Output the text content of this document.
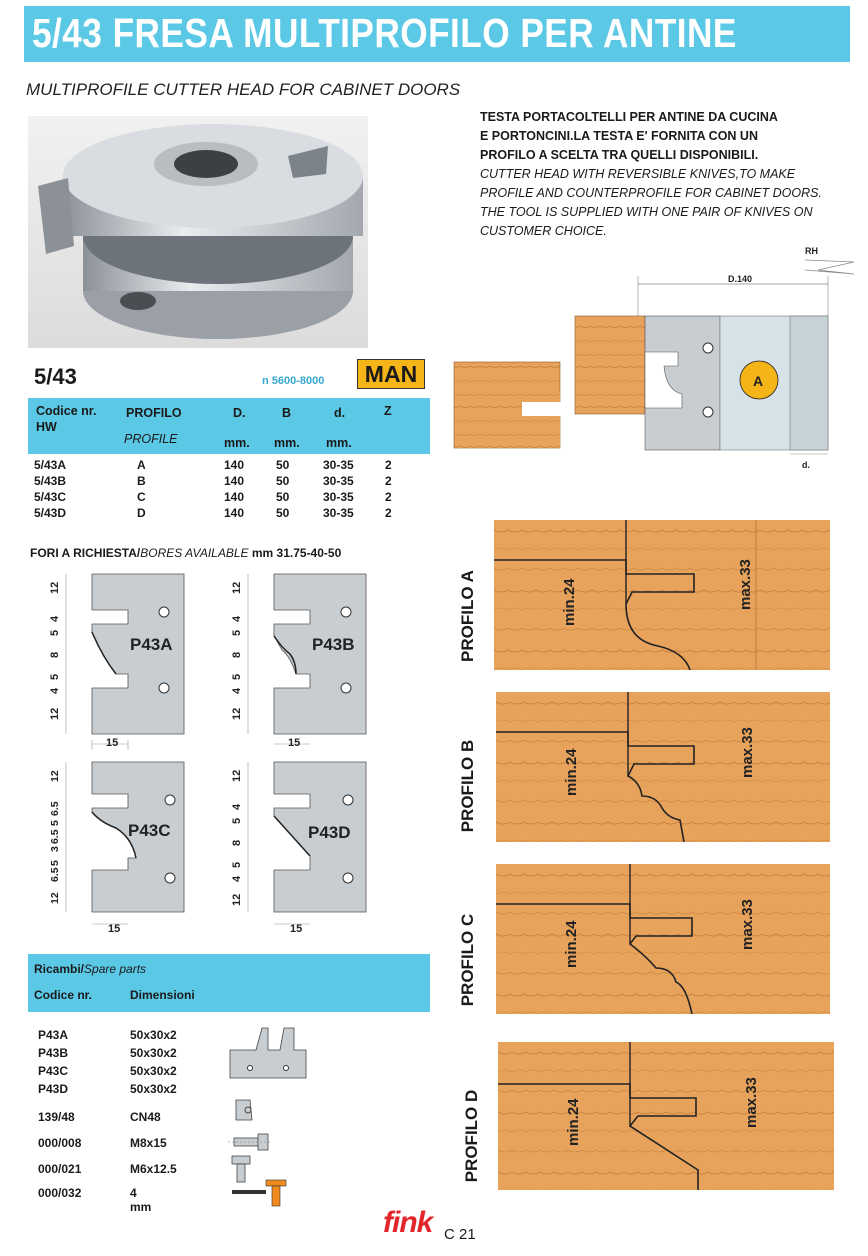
5/43 FRESA MULTIPROFILO PER ANTINE
MULTIPROFILE CUTTER HEAD FOR CABINET DOORS
TESTA PORTACOLTELLI PER ANTINE DA CUCINA
E PORTONCINI.LA TESTA E' FORNITA CON UN
PROFILO A SCELTA TRA QUELLI DISPONIBILI.
CUTTER HEAD WITH REVERSIBLE KNIVES,TO MAKE
PROFILE AND COUNTERPROFILE FOR CABINET DOORS.
THE TOOL IS SUPPLIED WITH ONE PAIR OF KNIVES ON
CUSTOMER CHOICE.
5/43	n 5600-8000	MAN
Codice nr.
HW
PROFILO
PROFILE
D.	B	d.	Z
mm. mm. mm.
5/43A	A	140	50	30-35	2
5/43B	B	140	50	30-35	2
5/43C	C	140	50	30-35	2
5/43D	D	140	50	30-35	2
FORI A RICHIESTA/BORES AVAILABLE mm 31.75-40-50
P43A
15
12
4
5
8
5
4
12
P43B
15
12
4
5
8
5
4
12
P43C
15
12
6.5
5
6.5
3
5
6.5
12
P43D
15
12
4
5
8
5
4
12
RH
D.140
A
d.
PROFILO A	min.24	max.33
PROFILO B	min.24	max.33
PROFILO C	min.24	max.33
PROFILO D	min.24	max.33
Ricambi/Spare parts
Codice nr.	Dimensioni
P43A	50x30x2
P43B	50x30x2
P43C	50x30x2
P43D	50x30x2
139/48	CN48
000/008	M8x15
000/021	M6x12.5
000/032	4 mm	fink C 21
